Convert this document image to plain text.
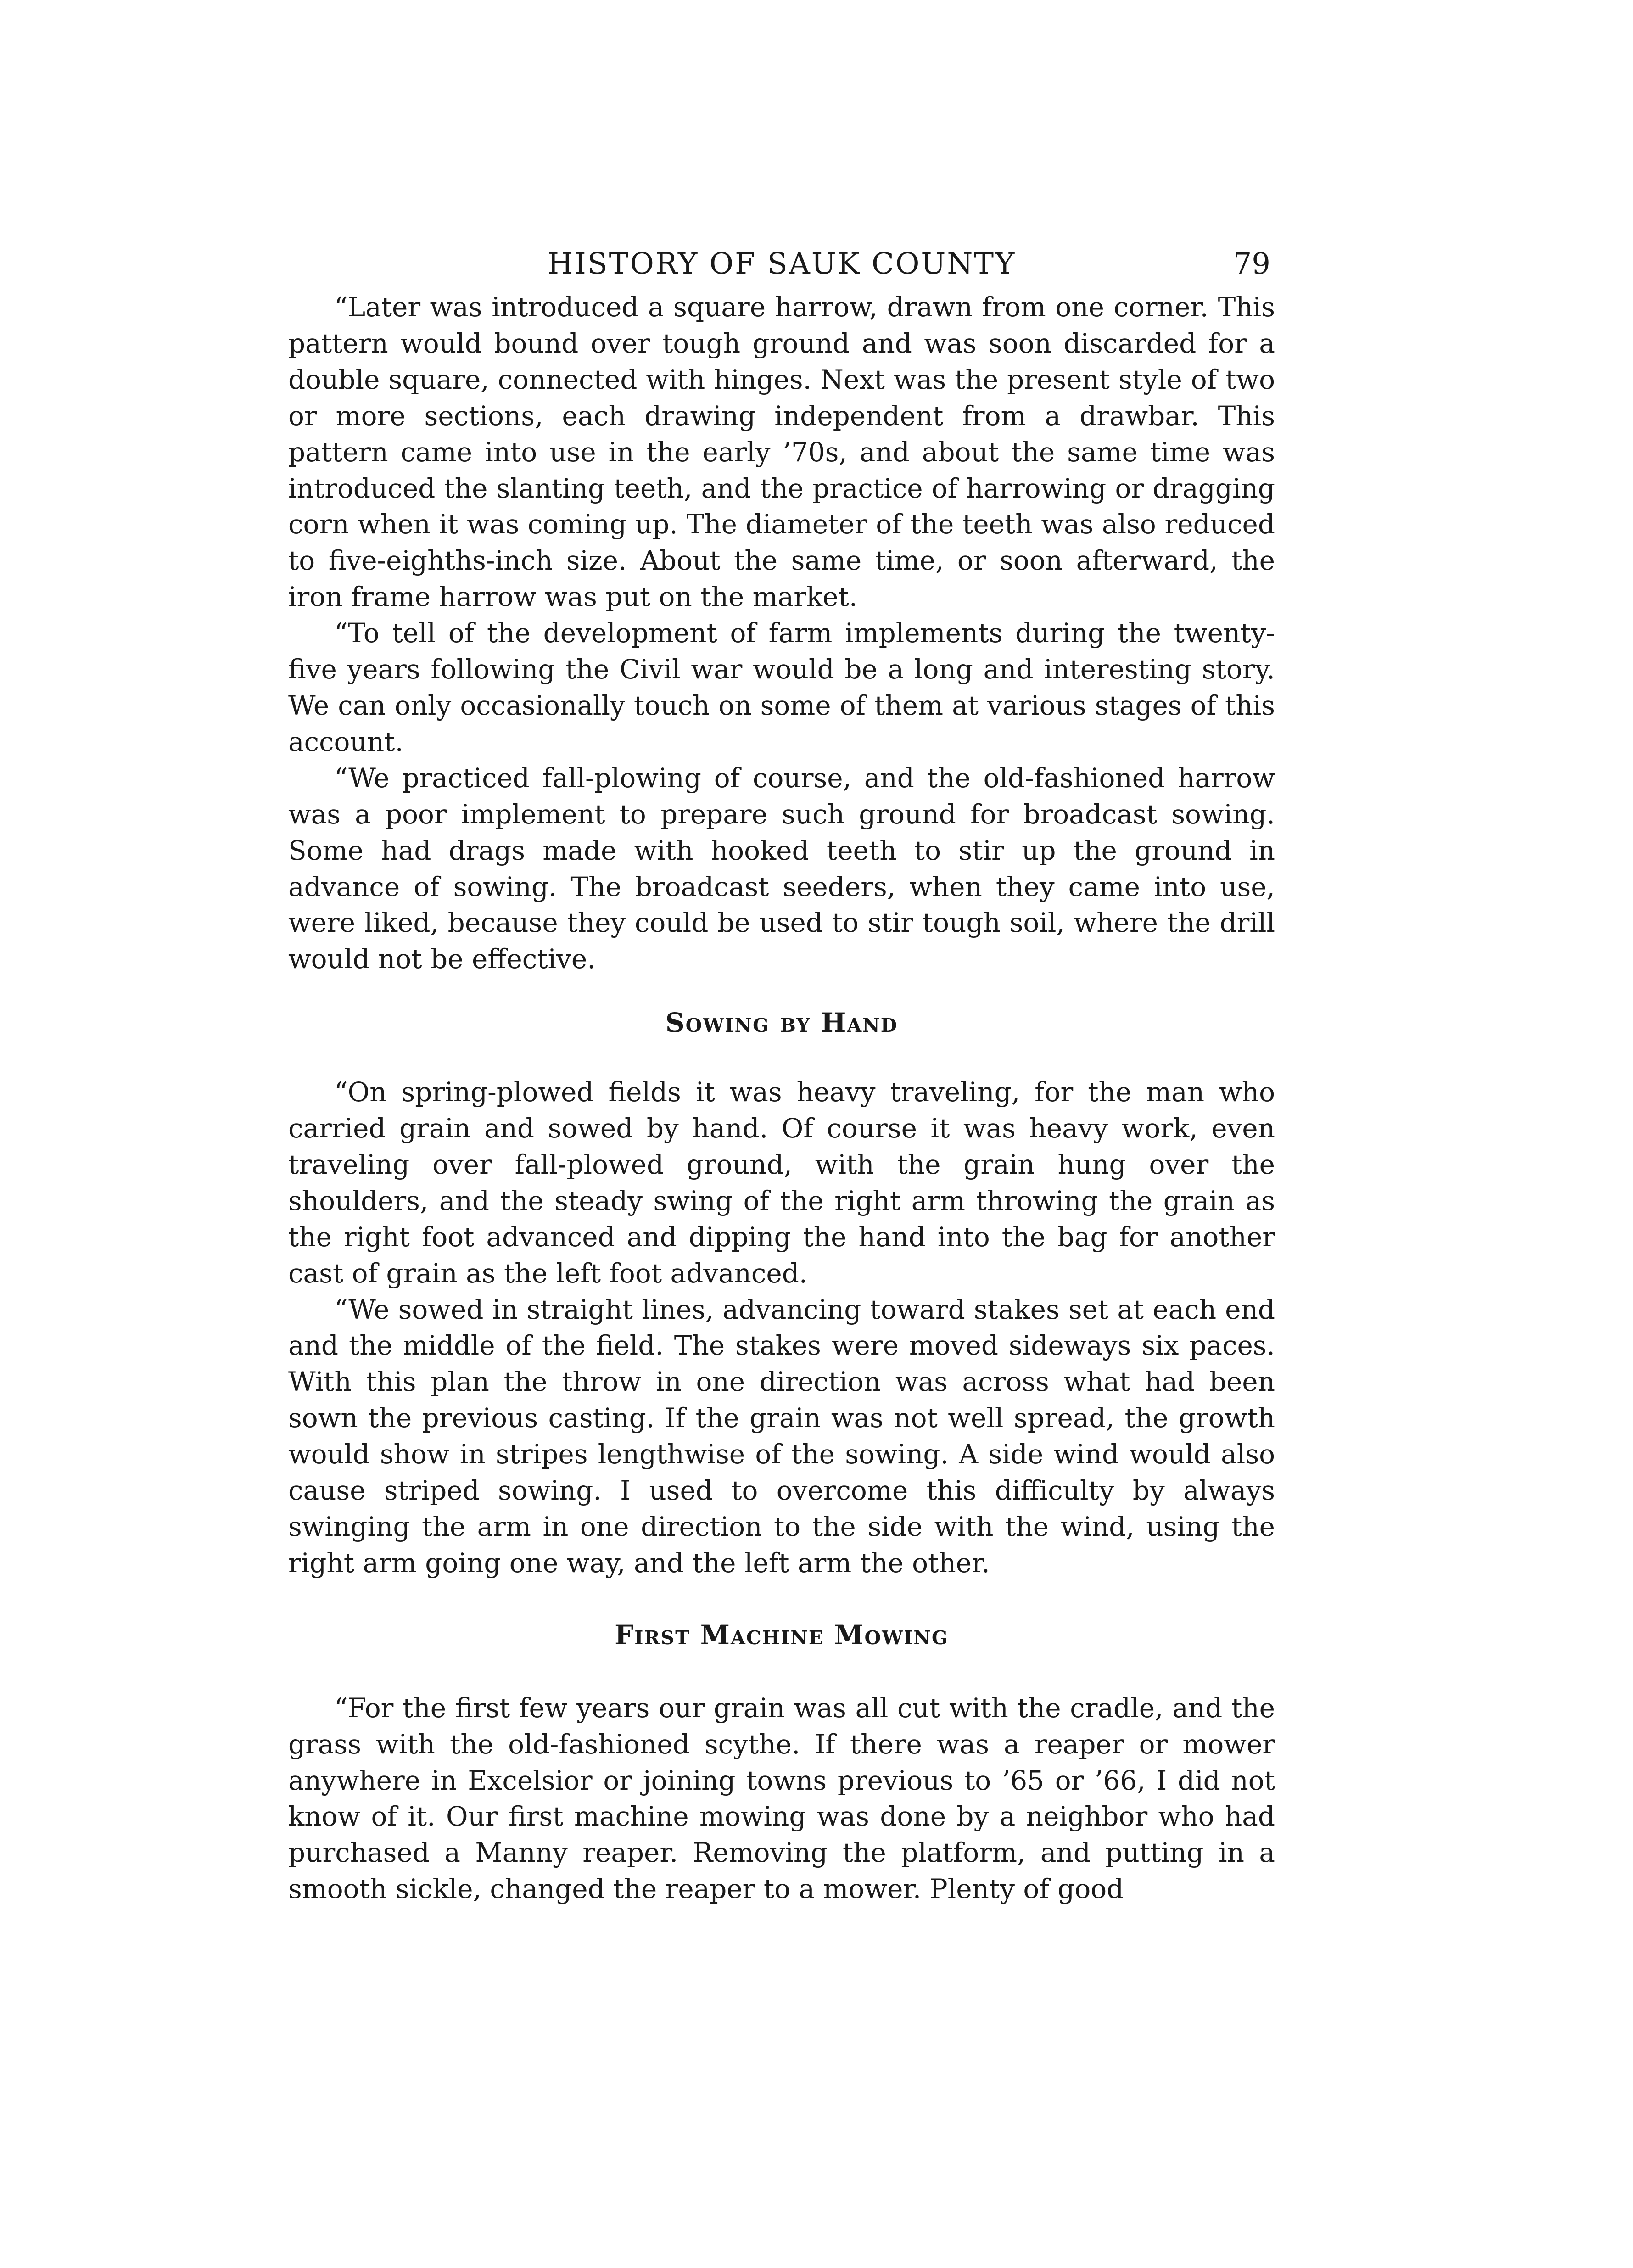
HISTORY OF SAUK COUNTY	79

“Later was introduced a square harrow, drawn from one corner. This pattern would bound over tough ground and was soon discarded for a double square, connected with hinges. Next was the present style of two or more sections, each drawing independent from a drawbar. This pattern came into use in the early ’70s, and about the same time was introduced the slanting teeth, and the practice of harrowing or dragging corn when it was coming up. The diameter of the teeth was also reduced to five-eighths-inch size. About the same time, or soon afterward, the iron frame harrow was put on the market.

“To tell of the development of farm implements during the twenty-five years following the Civil war would be a long and interesting story. We can only occasionally touch on some of them at various stages of this account.

“We practiced fall-plowing of course, and the old-fashioned harrow was a poor implement to prepare such ground for broadcast sowing. Some had drags made with hooked teeth to stir up the ground in advance of sowing. The broadcast seeders, when they came into use, were liked, because they could be used to stir tough soil, where the drill would not be effective.

Sowing by Hand

“On spring-plowed fields it was heavy traveling, for the man who carried grain and sowed by hand. Of course it was heavy work, even traveling over fall-plowed ground, with the grain hung over the shoulders, and the steady swing of the right arm throwing the grain as the right foot advanced and dipping the hand into the bag for another cast of grain as the left foot advanced.

“We sowed in straight lines, advancing toward stakes set at each end and the middle of the field. The stakes were moved sideways six paces. With this plan the throw in one direction was across what had been sown the previous casting. If the grain was not well spread, the growth would show in stripes lengthwise of the sowing. A side wind would also cause striped sowing. I used to overcome this difficulty by always swinging the arm in one direction to the side with the wind, using the right arm going one way, and the left arm the other.

First Machine Mowing

“For the first few years our grain was all cut with the cradle, and the grass with the old-fashioned scythe. If there was a reaper or mower anywhere in Excelsior or joining towns previous to ’65 or ’66, I did not know of it. Our first machine mowing was done by a neighbor who had purchased a Manny reaper. Removing the platform, and putting in a smooth sickle, changed the reaper to a mower. Plenty of good
